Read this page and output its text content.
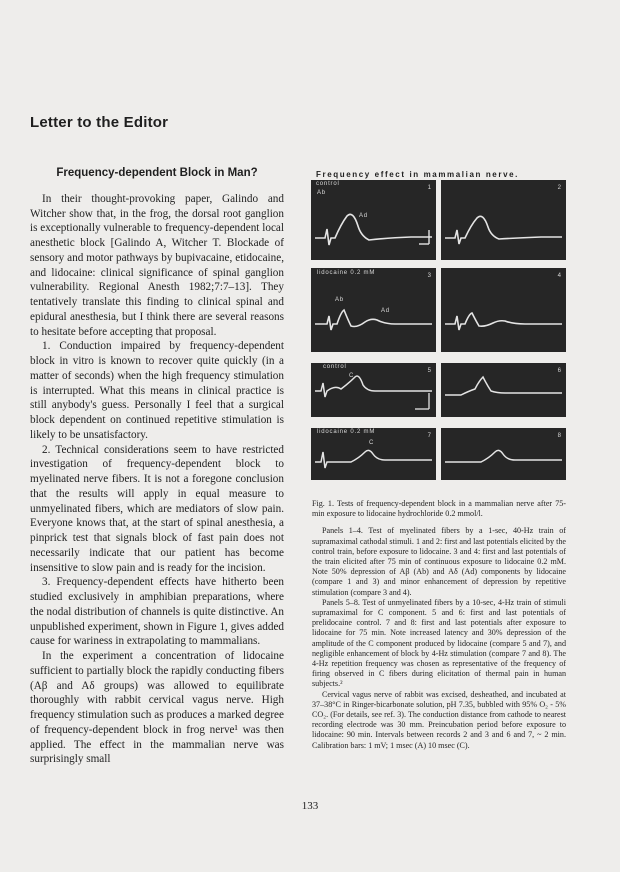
Letter to the Editor
Frequency-dependent Block in Man?

In their thought-provoking paper, Galindo and Witcher show that, in the frog, the dorsal root ganglion is exceptionally vulnerable to frequency-dependent local anesthetic block [Galindo A, Witcher T. Blockade of sensory and motor pathways by bupivacaine, etidocaine, and lidocaine: clinical significance of spinal ganglion vulnerability. Regional Anesth 1982;7:7–13]. They tentatively translate this finding to clinical spinal and epidural anesthesia, but I think there are several reasons to hesitate before accepting that proposal.

1. Conduction impaired by frequency-dependent block in vitro is known to recover quite quickly (in a matter of seconds) when the high frequency stimulation is interrupted. What this means in clinical practice is still anybody's guess. Personally I feel that a surgical block dependent on continued repetitive stimulation is likely to be unsatisfactory.

2. Technical considerations seem to have restricted investigation of frequency-dependent block to myelinated nerve fibers. It is not a foregone conclusion that the results will apply in equal measure to unmyelinated fibers, which are mediators of slow pain. Everyone knows that, at the start of spinal anesthesia, a pinprick test that signals block of fast pain does not necessarily indicate that our patient has become insensitive to slow pain and is ready for the incision.

3. Frequency-dependent effects have hitherto been studied exclusively in amphibian preparations, where the nodal distribution of channels is quite distinctive. An unpublished experiment, shown in Figure 1, gives added cause for wariness in extrapolating to mammalians.

In the experiment a concentration of lidocaine sufficient to partially block the rapidly conducting fibers (Aβ and Aδ groups) was allowed to equilibrate thoroughly with rabbit cervical vagus nerve. High frequency stimulation such as produces a marked degree of frequency-dependent block in frog nerve¹ was then applied. The effect in the mammalian nerve was surprisingly small

Frequency effect in mammalian nerve.
control
Ab
Ad
1	2
lidocaine 0.2 mM
Ab
Ad
3	4
control
C
5	6
lidocaine 0.2 mM
C
7	8

Fig. 1. Tests of frequency-dependent block in a mammalian nerve after 75-min exposure to lidocaine hydrochloride 0.2 mmol/l.

Panels 1–4. Test of myelinated fibers by a 1-sec, 40-Hz train of supramaximal cathodal stimuli. 1 and 2: first and last potentials elicited by the control train, before exposure to lidocaine. 3 and 4: first and last potentials of the train elicited after 75 min of continuous exposure to lidocaine 0.2 mM. Note 50% depression of Aβ (Ab) and Aδ (Ad) components by lidocaine (compare 1 and 3) and minor enhancement of depression by repetitive stimulation (compare 3 and 4).

Panels 5–8. Test of unmyelinated fibers by a 10-sec, 4-Hz train of stimuli supramaximal for C component. 5 and 6: first and last potentials of prelidocaine control. 7 and 8: first and last potentials after exposure to lidocaine for 75 min. Note increased latency and 30% depression of the amplitude of the C component produced by lidocaine (compare 5 and 7), and negligible enhancement of block by 4-Hz stimulation (compare 7 and 8). The 4-Hz repetition frequency was chosen as representative of the frequency of firing observed in C fibers during elicitation of thermal pain in human subjects.²

Cervical vagus nerve of rabbit was excised, desheathed, and incubated at 37–38°C in Ringer-bicarbonate solution, pH 7.35, bubbled with 95% O₂ - 5% CO₂. (For details, see ref. 3). The conduction distance from cathode to nearest recording electrode was 30 mm. Preincubation period before exposure to lidocaine: 90 min. Intervals between records 2 and 3 and 6 and 7, ~ 2 min. Calibration bars: 1 mV; 1 msec (A) 10 msec (C).

133
